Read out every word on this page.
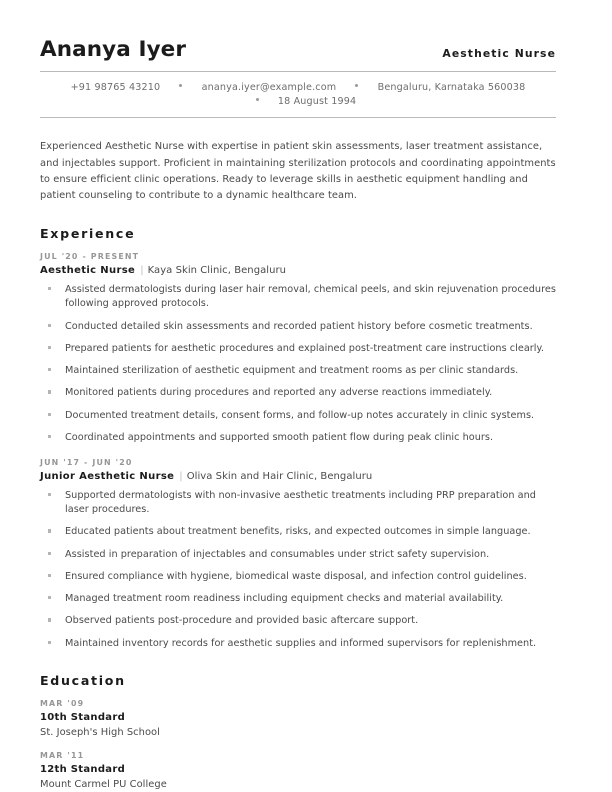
Ananya Iyer	Aesthetic Nurse
+91 98765 43210	ananya.iyer@example.com	Bengaluru, Karnataka 560038
18 August 1994
Experienced Aesthetic Nurse with expertise in patient skin assessments, laser treatment assistance, and injectables support. Proficient in maintaining sterilization protocols and coordinating appointments to ensure efficient clinic operations. Ready to leverage skills in aesthetic equipment handling and patient counseling to contribute to a dynamic healthcare team.
Experience
JUL '20 - PRESENT
Aesthetic Nurse | Kaya Skin Clinic, Bengaluru
Assisted dermatologists during laser hair removal, chemical peels, and skin rejuvenation procedures following approved protocols.
Conducted detailed skin assessments and recorded patient history before cosmetic treatments.
Prepared patients for aesthetic procedures and explained post-treatment care instructions clearly.
Maintained sterilization of aesthetic equipment and treatment rooms as per clinic standards.
Monitored patients during procedures and reported any adverse reactions immediately.
Documented treatment details, consent forms, and follow-up notes accurately in clinic systems.
Coordinated appointments and supported smooth patient flow during peak clinic hours.
JUN '17 - JUN '20
Junior Aesthetic Nurse | Oliva Skin and Hair Clinic, Bengaluru
Supported dermatologists with non-invasive aesthetic treatments including PRP preparation and laser procedures.
Educated patients about treatment benefits, risks, and expected outcomes in simple language.
Assisted in preparation of injectables and consumables under strict safety supervision.
Ensured compliance with hygiene, biomedical waste disposal, and infection control guidelines.
Managed treatment room readiness including equipment checks and material availability.
Observed patients post-procedure and provided basic aftercare support.
Maintained inventory records for aesthetic supplies and informed supervisors for replenishment.
Education
MAR '09
10th Standard
St. Joseph's High School
MAR '11
12th Standard
Mount Carmel PU College
